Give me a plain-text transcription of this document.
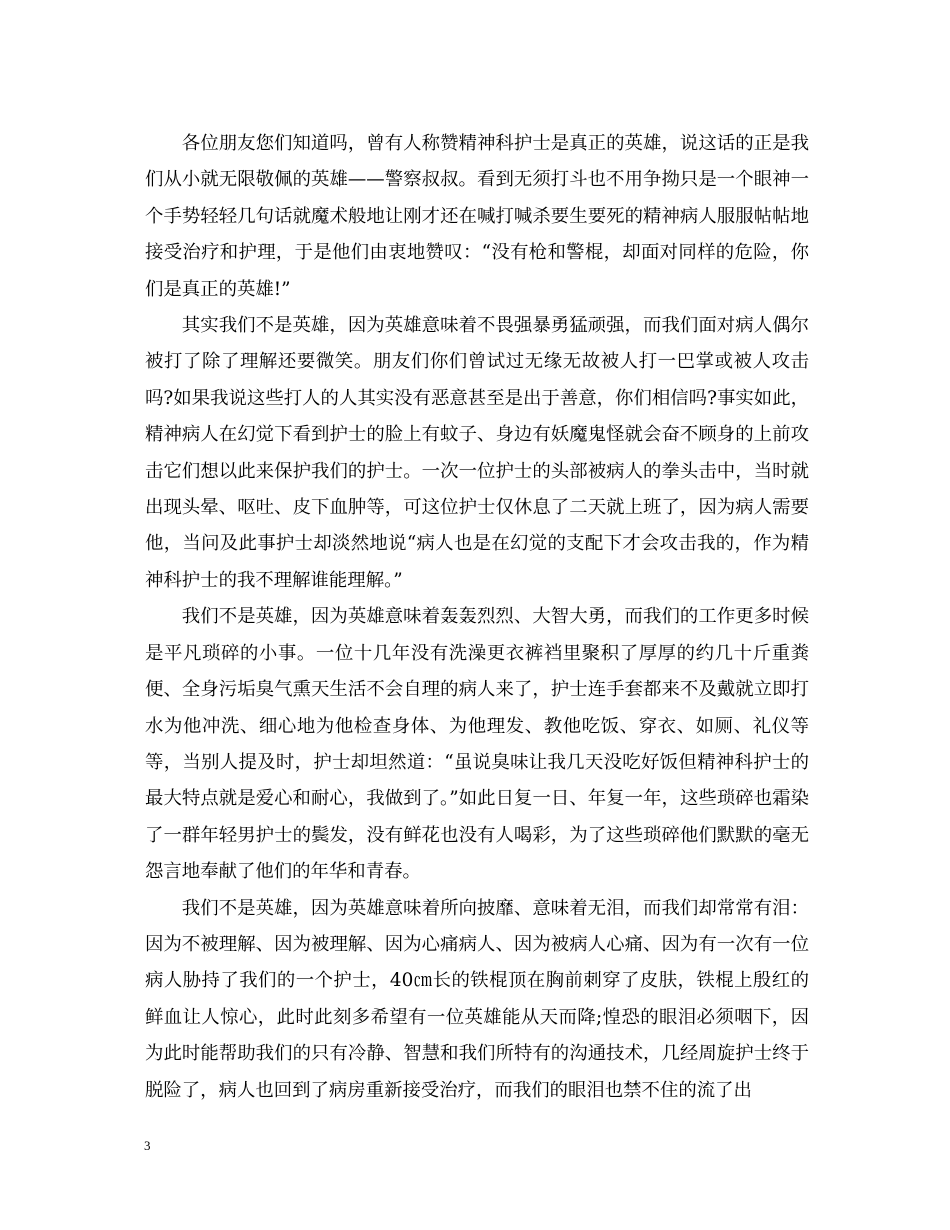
各位朋友您们知道吗，曾有人称赞精神科护士是真正的英雄，说这话的正是我们从小就无限敬佩的英雄——警察叔叔。看到无须打斗也不用争拗只是一个眼神一个手势轻轻几句话就魔术般地让刚才还在喊打喊杀要生要死的精神病人服服帖帖地接受治疗和护理，于是他们由衷地赞叹：“没有枪和警棍，却面对同样的危险，你们是真正的英雄!”

其实我们不是英雄，因为英雄意味着不畏强暴勇猛顽强，而我们面对病人偶尔被打了除了理解还要微笑。朋友们你们曾试过无缘无故被人打一巴掌或被人攻击吗?如果我说这些打人的人其实没有恶意甚至是出于善意，你们相信吗?事实如此，精神病人在幻觉下看到护士的脸上有蚊子、身边有妖魔鬼怪就会奋不顾身的上前攻击它们想以此来保护我们的护士。一次一位护士的头部被病人的拳头击中，当时就出现头晕、呕吐、皮下血肿等，可这位护士仅休息了二天就上班了，因为病人需要他，当问及此事护士却淡然地说“病人也是在幻觉的支配下才会攻击我的，作为精神科护士的我不理解谁能理解。”

我们不是英雄，因为英雄意味着轰轰烈烈、大智大勇，而我们的工作更多时候是平凡琐碎的小事。一位十几年没有洗澡更衣裤裆里聚积了厚厚的约几十斤重粪便、全身污垢臭气熏天生活不会自理的病人来了，护士连手套都来不及戴就立即打水为他冲洗、细心地为他检查身体、为他理发、教他吃饭、穿衣、如厕、礼仪等等，当别人提及时，护士却坦然道：“虽说臭味让我几天没吃好饭但精神科护士的最大特点就是爱心和耐心，我做到了。”如此日复一日、年复一年，这些琐碎也霜染了一群年轻男护士的鬓发，没有鲜花也没有人喝彩，为了这些琐碎他们默默的毫无怨言地奉献了他们的年华和青春。

我们不是英雄，因为英雄意味着所向披靡、意味着无泪，而我们却常常有泪：因为不被理解、因为被理解、因为心痛病人、因为被病人心痛、因为有一次有一位病人胁持了我们的一个护士，40㎝长的铁棍顶在胸前刺穿了皮肤，铁棍上殷红的鲜血让人惊心，此时此刻多希望有一位英雄能从天而降;惶恐的眼泪必须咽下，因为此时能帮助我们的只有冷静、智慧和我们所特有的沟通技术，几经周旋护士终于脱险了，病人也回到了病房重新接受治疗，而我们的眼泪也禁不住的流了出

3
